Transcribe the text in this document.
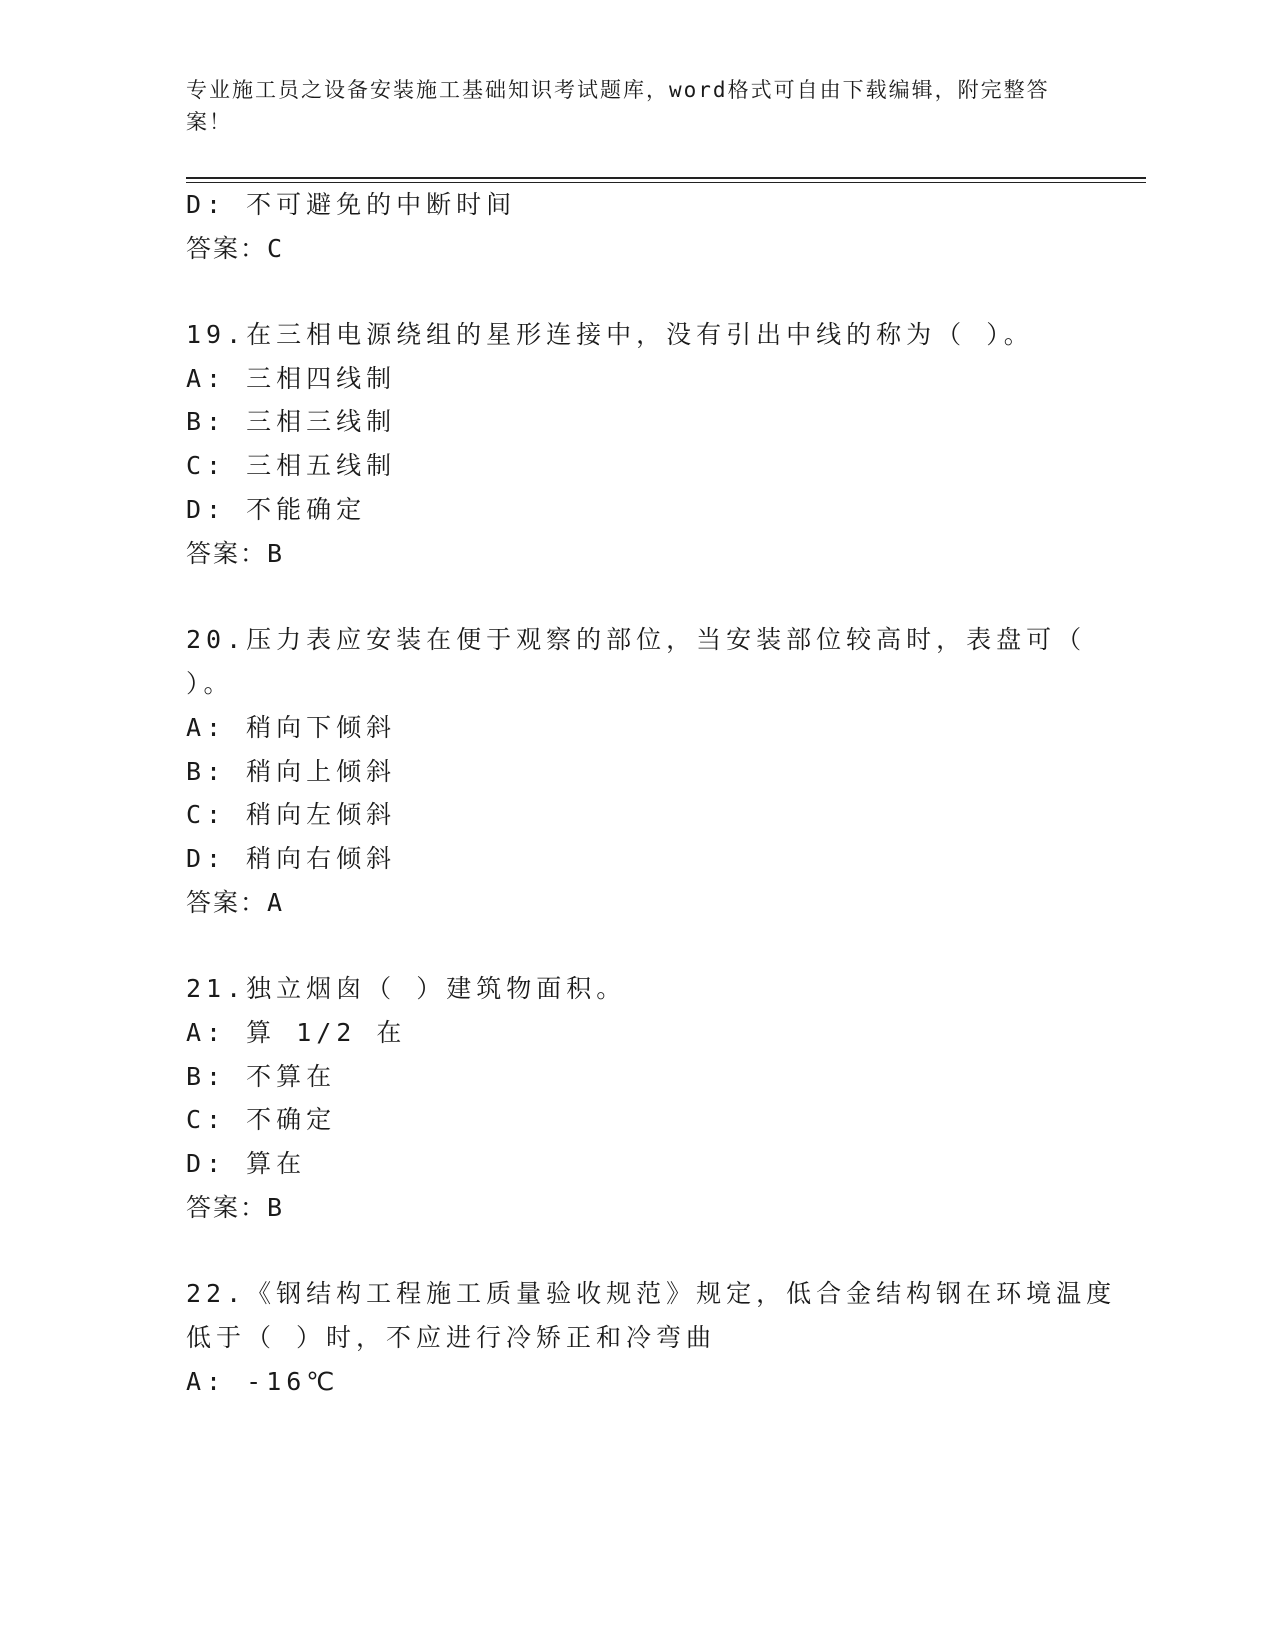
专业施工员之设备安装施工基础知识考试题库，word格式可自由下载编辑，附完整答案！
D: 不可避免的中断时间
答案：C
19.在三相电源绕组的星形连接中，没有引出中线的称为（ ）。
A: 三相四线制
B: 三相三线制
C: 三相五线制
D: 不能确定
答案：B
20.压力表应安装在便于观察的部位，当安装部位较高时，表盘可（
）。
A: 稍向下倾斜
B: 稍向上倾斜
C: 稍向左倾斜
D: 稍向右倾斜
答案：A
21.独立烟囱（ ）建筑物面积。
A: 算 1/2 在
B: 不算在
C: 不确定
D: 算在
答案：B
22.《钢结构工程施工质量验收规范》规定，低合金结构钢在环境温度
低于（ ）时，不应进行冷矫正和冷弯曲
A: -16℃
